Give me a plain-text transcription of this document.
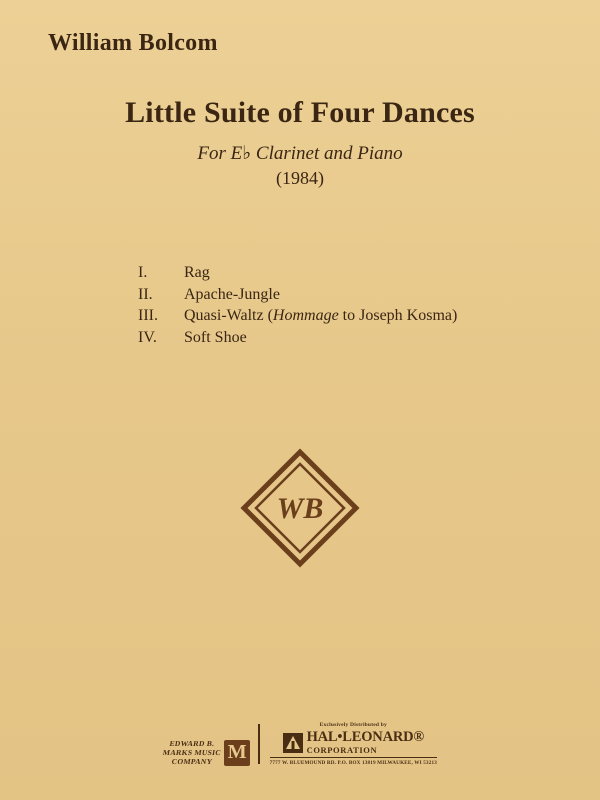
William Bolcom
Little Suite of Four Dances
For E♭ Clarinet and Piano
(1984)
I.	Rag
II.	Apache-Jungle
III.	Quasi-Waltz (Hommage to Joseph Kosma)
IV.	Soft Shoe
WB
EDWARD B.
MARKS MUSIC
COMPANY M
Exclusively Distributed by
HAL•LEONARD®
CORPORATION
7777 W. BLUEMOUND RD. P.O. BOX 13819 MILWAUKEE, WI 53213
